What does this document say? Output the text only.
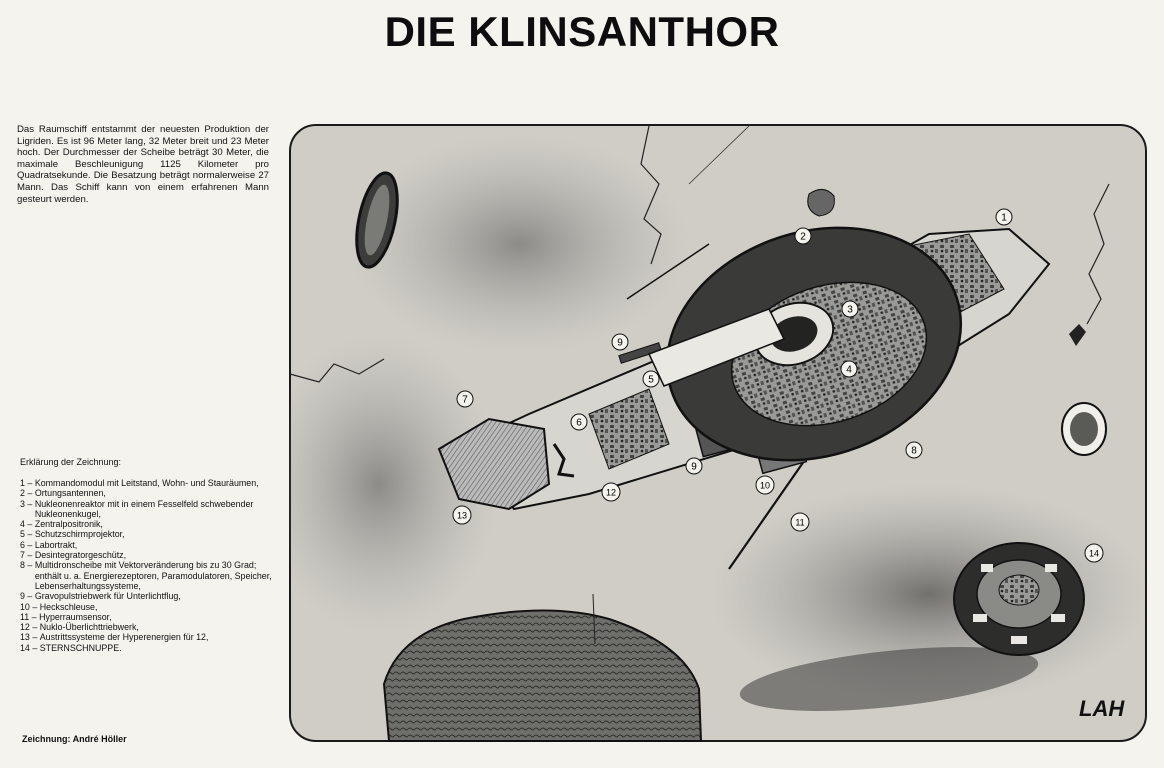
DIE KLINSANTHOR
Das Raumschiff entstammt der neuesten Produktion der Ligriden. Es ist 96 Meter lang, 32 Meter breit und 23 Meter hoch. Der Durchmesser der Scheibe beträgt 30 Meter, die maximale Beschleunigung 1125 Kilometer pro Quadratsekunde. Die Besatzung beträgt normalerweise 27 Mann. Das Schiff kann von einem erfahrenen Mann gesteurt werden.
Erklärung der Zeichnung:
1 – Kommandomodul mit Leitstand, Wohn- und Stauräumen,
2 – Ortungsantennen,
3 – Nukleonenreaktor mit in einem Fesselfeld schwebender Nukleonenkugel,
4 – Zentralpositronik,
5 – Schutzschirmprojektor,
6 – Labortrakt,
7 – Desintegratorgeschütz,
8 – Multidronscheibe mit Vektorveränderung bis zu 30 Grad; enthält u. a. Energierezeptoren, Paramodulatoren, Speicher, Lebenserhaltungssysteme,
9 – Gravopulstriebwerk für Unterlichtflug,
10 – Heckschleuse,
11 – Hyperraumsensor,
12 – Nuklo-Überlichttriebwerk,
13 – Austrittssysteme der Hyperenergien für 12,
14 – STERNSCHNUPPE.
Zeichnung: André Höller
1
2
3
4
5
6
7
8
9
9
10
11
12
13
14
LAH
